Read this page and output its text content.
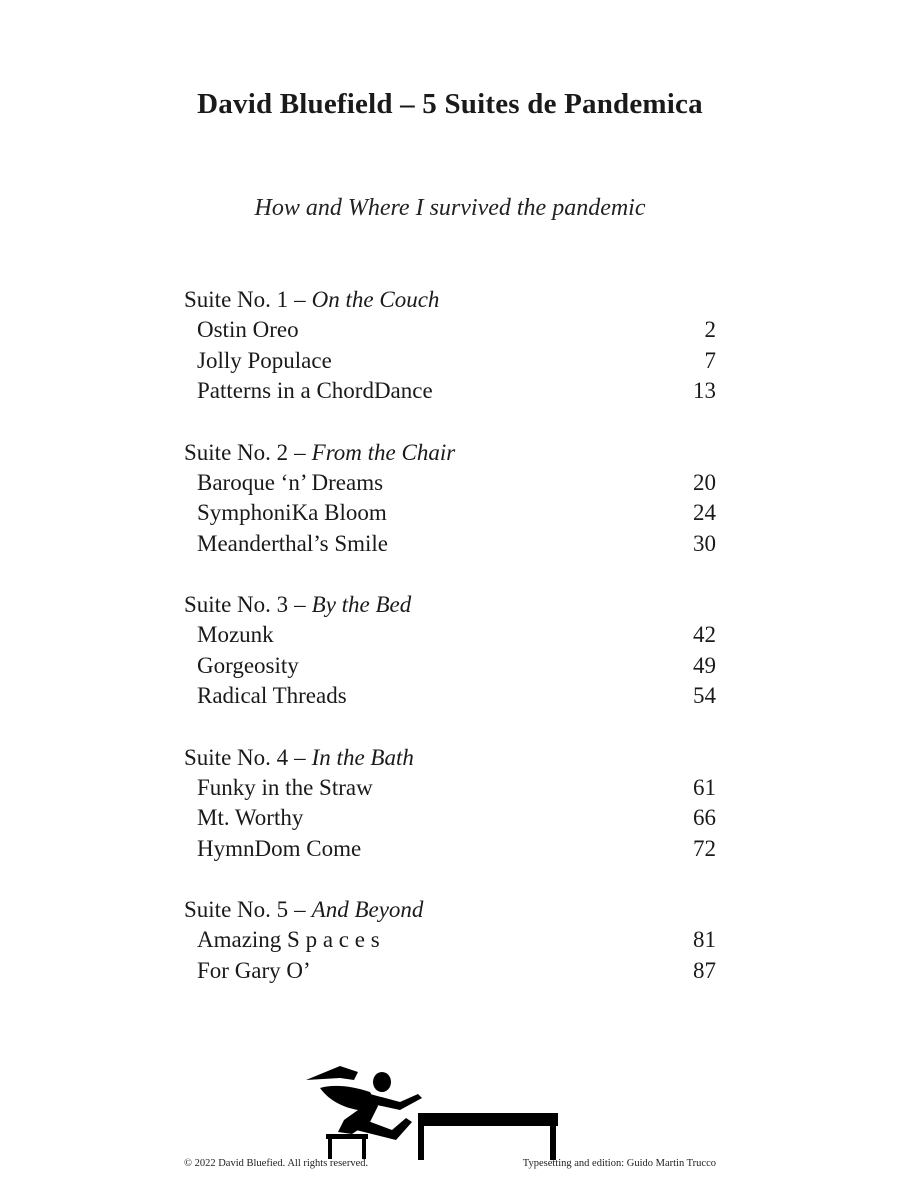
David Bluefield – 5 Suites de Pandemica
How and Where I survived the pandemic
Suite No. 1 – On the Couch
Ostin Oreo	2
Jolly Populace	7
Patterns in a ChordDance	13
Suite No. 2 – From the Chair
Baroque ‘n’ Dreams	20
SymphoniKa Bloom	24
Meanderthal’s Smile	30
Suite No. 3 – By the Bed
Mozunk	42
Gorgeosity	49
Radical Threads	54
Suite No. 4 – In the Bath
Funky in the Straw	61
Mt. Worthy	66
HymnDom Come	72
Suite No. 5 – And Beyond
Amazing S p a c e s	81
For Gary O’	87
© 2022 David Bluefied. All rights reserved.	Typesetting and edition: Guido Martin Trucco
